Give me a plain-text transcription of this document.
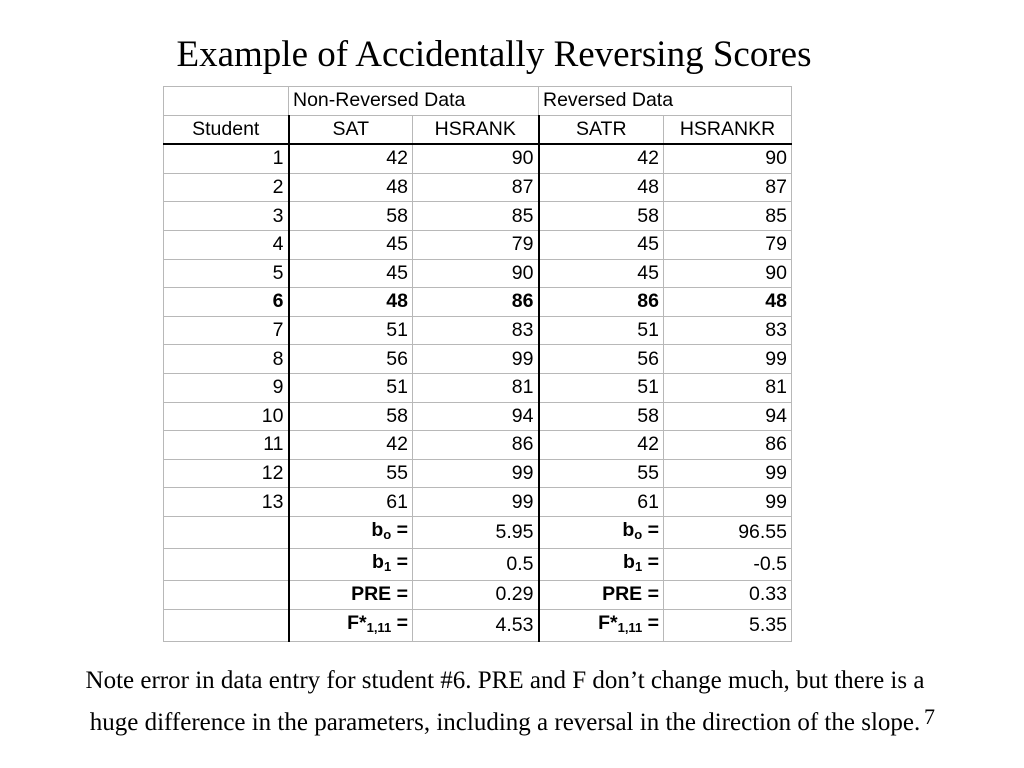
Example of Accidentally Reversing Scores
	Non-Reversed Data		Reversed Data	
Student	SAT	HSRANK	SATR	HSRANKR
1	42	90	42	90
2	48	87	48	87
3	58	85	58	85
4	45	79	45	79
5	45	90	45	90
6	48	86	86	48
7	51	83	51	83
8	56	99	56	99
9	51	81	51	81
10	58	94	58	94
11	42	86	42	86
12	55	99	55	99
13	61	99	61	99
	$b_o$ =	5.95	$b_o$ =	96.55
	$b_1$ =	0.5	$b_1$ =	-0.5
	PRE =	0.29	PRE =	0.33
	$F*_{1,11}$ =	4.53	$F*_{1,11}$ =	5.35
Note error in data entry for student #6. PRE and F don’t change much, but there is a
huge difference in the parameters, including a reversal in the direction of the slope. 7
